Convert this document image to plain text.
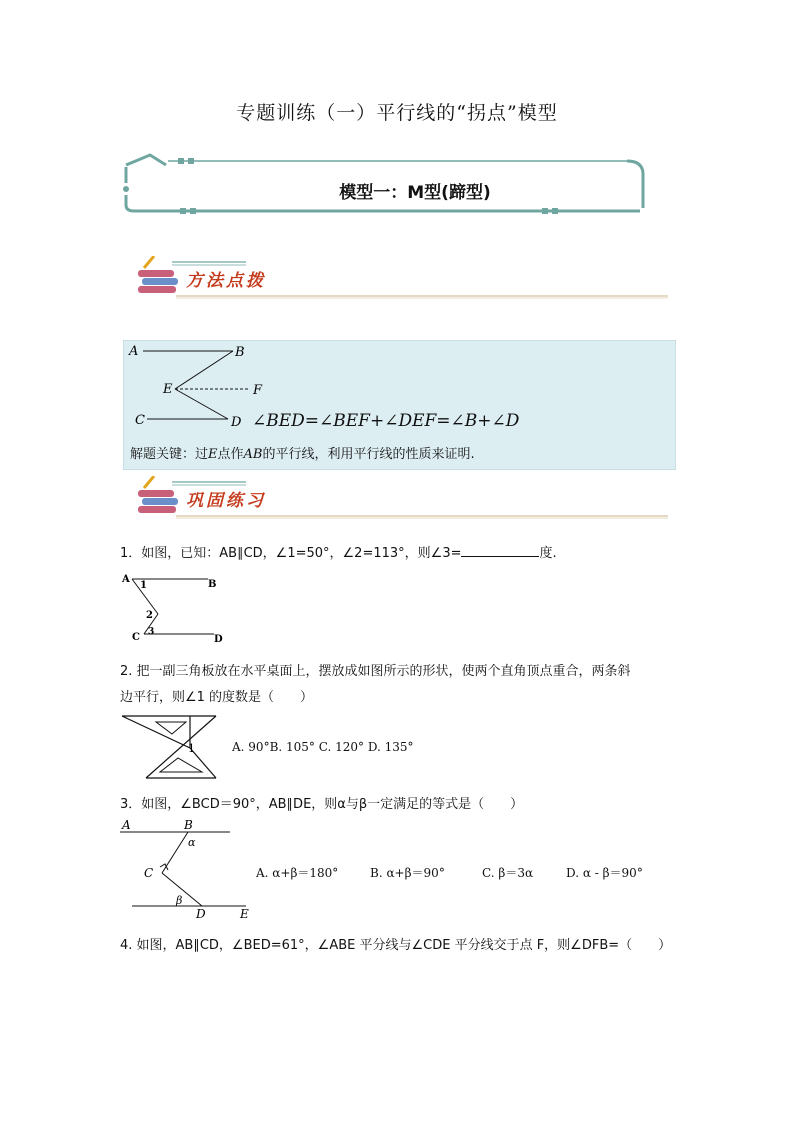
专题训练（一）平行线的“拐点”模型
模型一：M型(蹄型)
方法点拨
A	B
E	F
C	D ∠BED=∠BEF+∠DEF=∠B+∠D
解题关键：过E点作AB的平行线，利用平行线的性质来证明.
巩固练习
1．如图，已知：AB∥CD，∠1=50°，∠2=113°，则∠3=	度.
A	B
1
2
3
C	D
2. 把一副三角板放在水平桌面上，摆放成如图所示的形状，使两个直角顶点重合，两条斜
边平行，则∠1 的度数是（　　）
1	A. 90°B. 105° C. 120° D. 135°
3．如图，∠BCD＝90°，AB∥DE，则α与β一定满足的等式是（　　）
A	B
α
C
β
D	E
A. α+β＝180°	B. α+β＝90°	C. β＝3α	D. α - β＝90°
4. 如图，AB∥CD，∠BED=61°，∠ABE 平分线与∠CDE 平分线交于点 F，则∠DFB=（　　）
